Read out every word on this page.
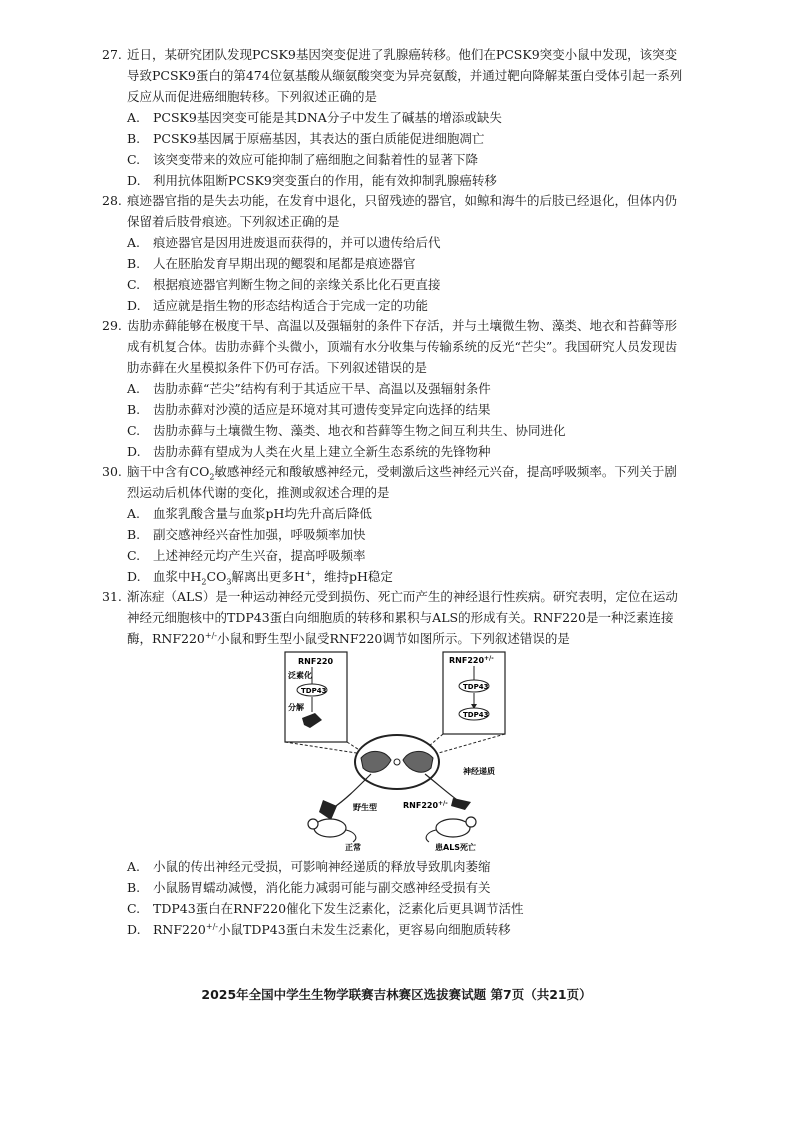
27. 近日，某研究团队发现PCSK9基因突变促进了乳腺癌转移。他们在PCSK9突变小鼠中发现，该突变导致PCSK9蛋白的第474位氨基酸从缬氨酸突变为异亮氨酸，并通过靶向降解某蛋白受体引起一系列反应从而促进癌细胞转移。下列叙述正确的是
A. PCSK9基因突变可能是其DNA分子中发生了碱基的增添或缺失
B. PCSK9基因属于原癌基因，其表达的蛋白质能促进细胞凋亡
C. 该突变带来的效应可能抑制了癌细胞之间黏着性的显著下降
D. 利用抗体阻断PCSK9突变蛋白的作用，能有效抑制乳腺癌转移
28. 痕迹器官指的是失去功能，在发育中退化，只留残迹的器官，如鲸和海牛的后肢已经退化，但体内仍保留着后肢骨痕迹。下列叙述正确的是
A. 痕迹器官是因用进废退而获得的，并可以遗传给后代
B. 人在胚胎发育早期出现的鳃裂和尾都是痕迹器官
C. 根据痕迹器官判断生物之间的亲缘关系比化石更直接
D. 适应就是指生物的形态结构适合于完成一定的功能
29. 齿肋赤藓能够在极度干旱、高温以及强辐射的条件下存活，并与土壤微生物、藻类、地衣和苔藓等形成有机复合体。齿肋赤藓个头微小，顶端有水分收集与传输系统的反光“芒尖”。我国研究人员发现齿肋赤藓在火星模拟条件下仍可存活。下列叙述错误的是
A. 齿肋赤藓“芒尖”结构有利于其适应干旱、高温以及强辐射条件
B. 齿肋赤藓对沙漠的适应是环境对其可遗传变异定向选择的结果
C. 齿肋赤藓与土壤微生物、藻类、地衣和苔藓等生物之间互利共生、协同进化
D. 齿肋赤藓有望成为人类在火星上建立全新生态系统的先锋物种
30. 脑干中含有$CO_2$敏感神经元和酸敏感神经元，受刺激后这些神经元兴奋，提高呼吸频率。下列关于剧烈运动后机体代谢的变化，推测或叙述合理的是
A. 血浆乳酸含量与血浆pH均先升高后降低
B. 副交感神经兴奋性加强，呼吸频率加快
C. 上述神经元均产生兴奋，提高呼吸频率
D. 血浆中$H_2CO_3$解离出更多H+，维持pH稳定
31. 渐冻症（ALS）是一种运动神经元受到损伤、死亡而产生的神经退行性疾病。研究表明，定位在运动神经元细胞核中的TDP43蛋白向细胞质的转移和累积与ALS的形成有关。RNF220是一种泛素连接酶，RNF220+/-小鼠和野生型小鼠受RNF220调节如图所示。下列叙述错误的是
RNF220
泛素化
TDP43
分解
RNF220+/-
TDP43
TDP43
神经递质
野生型	RNF220+/-
正常	患ALS死亡
A. 小鼠的传出神经元受损，可影响神经递质的释放导致肌肉萎缩
B. 小鼠肠胃蠕动减慢，消化能力减弱可能与副交感神经受损有关
C. TDP43蛋白在RNF220催化下发生泛素化，泛素化后更具调节活性
D. RNF220+/-小鼠TDP43蛋白未发生泛素化，更容易向细胞质转移
2025年全国中学生生物学联赛吉林赛区选拔赛试题 第7页（共21页）
